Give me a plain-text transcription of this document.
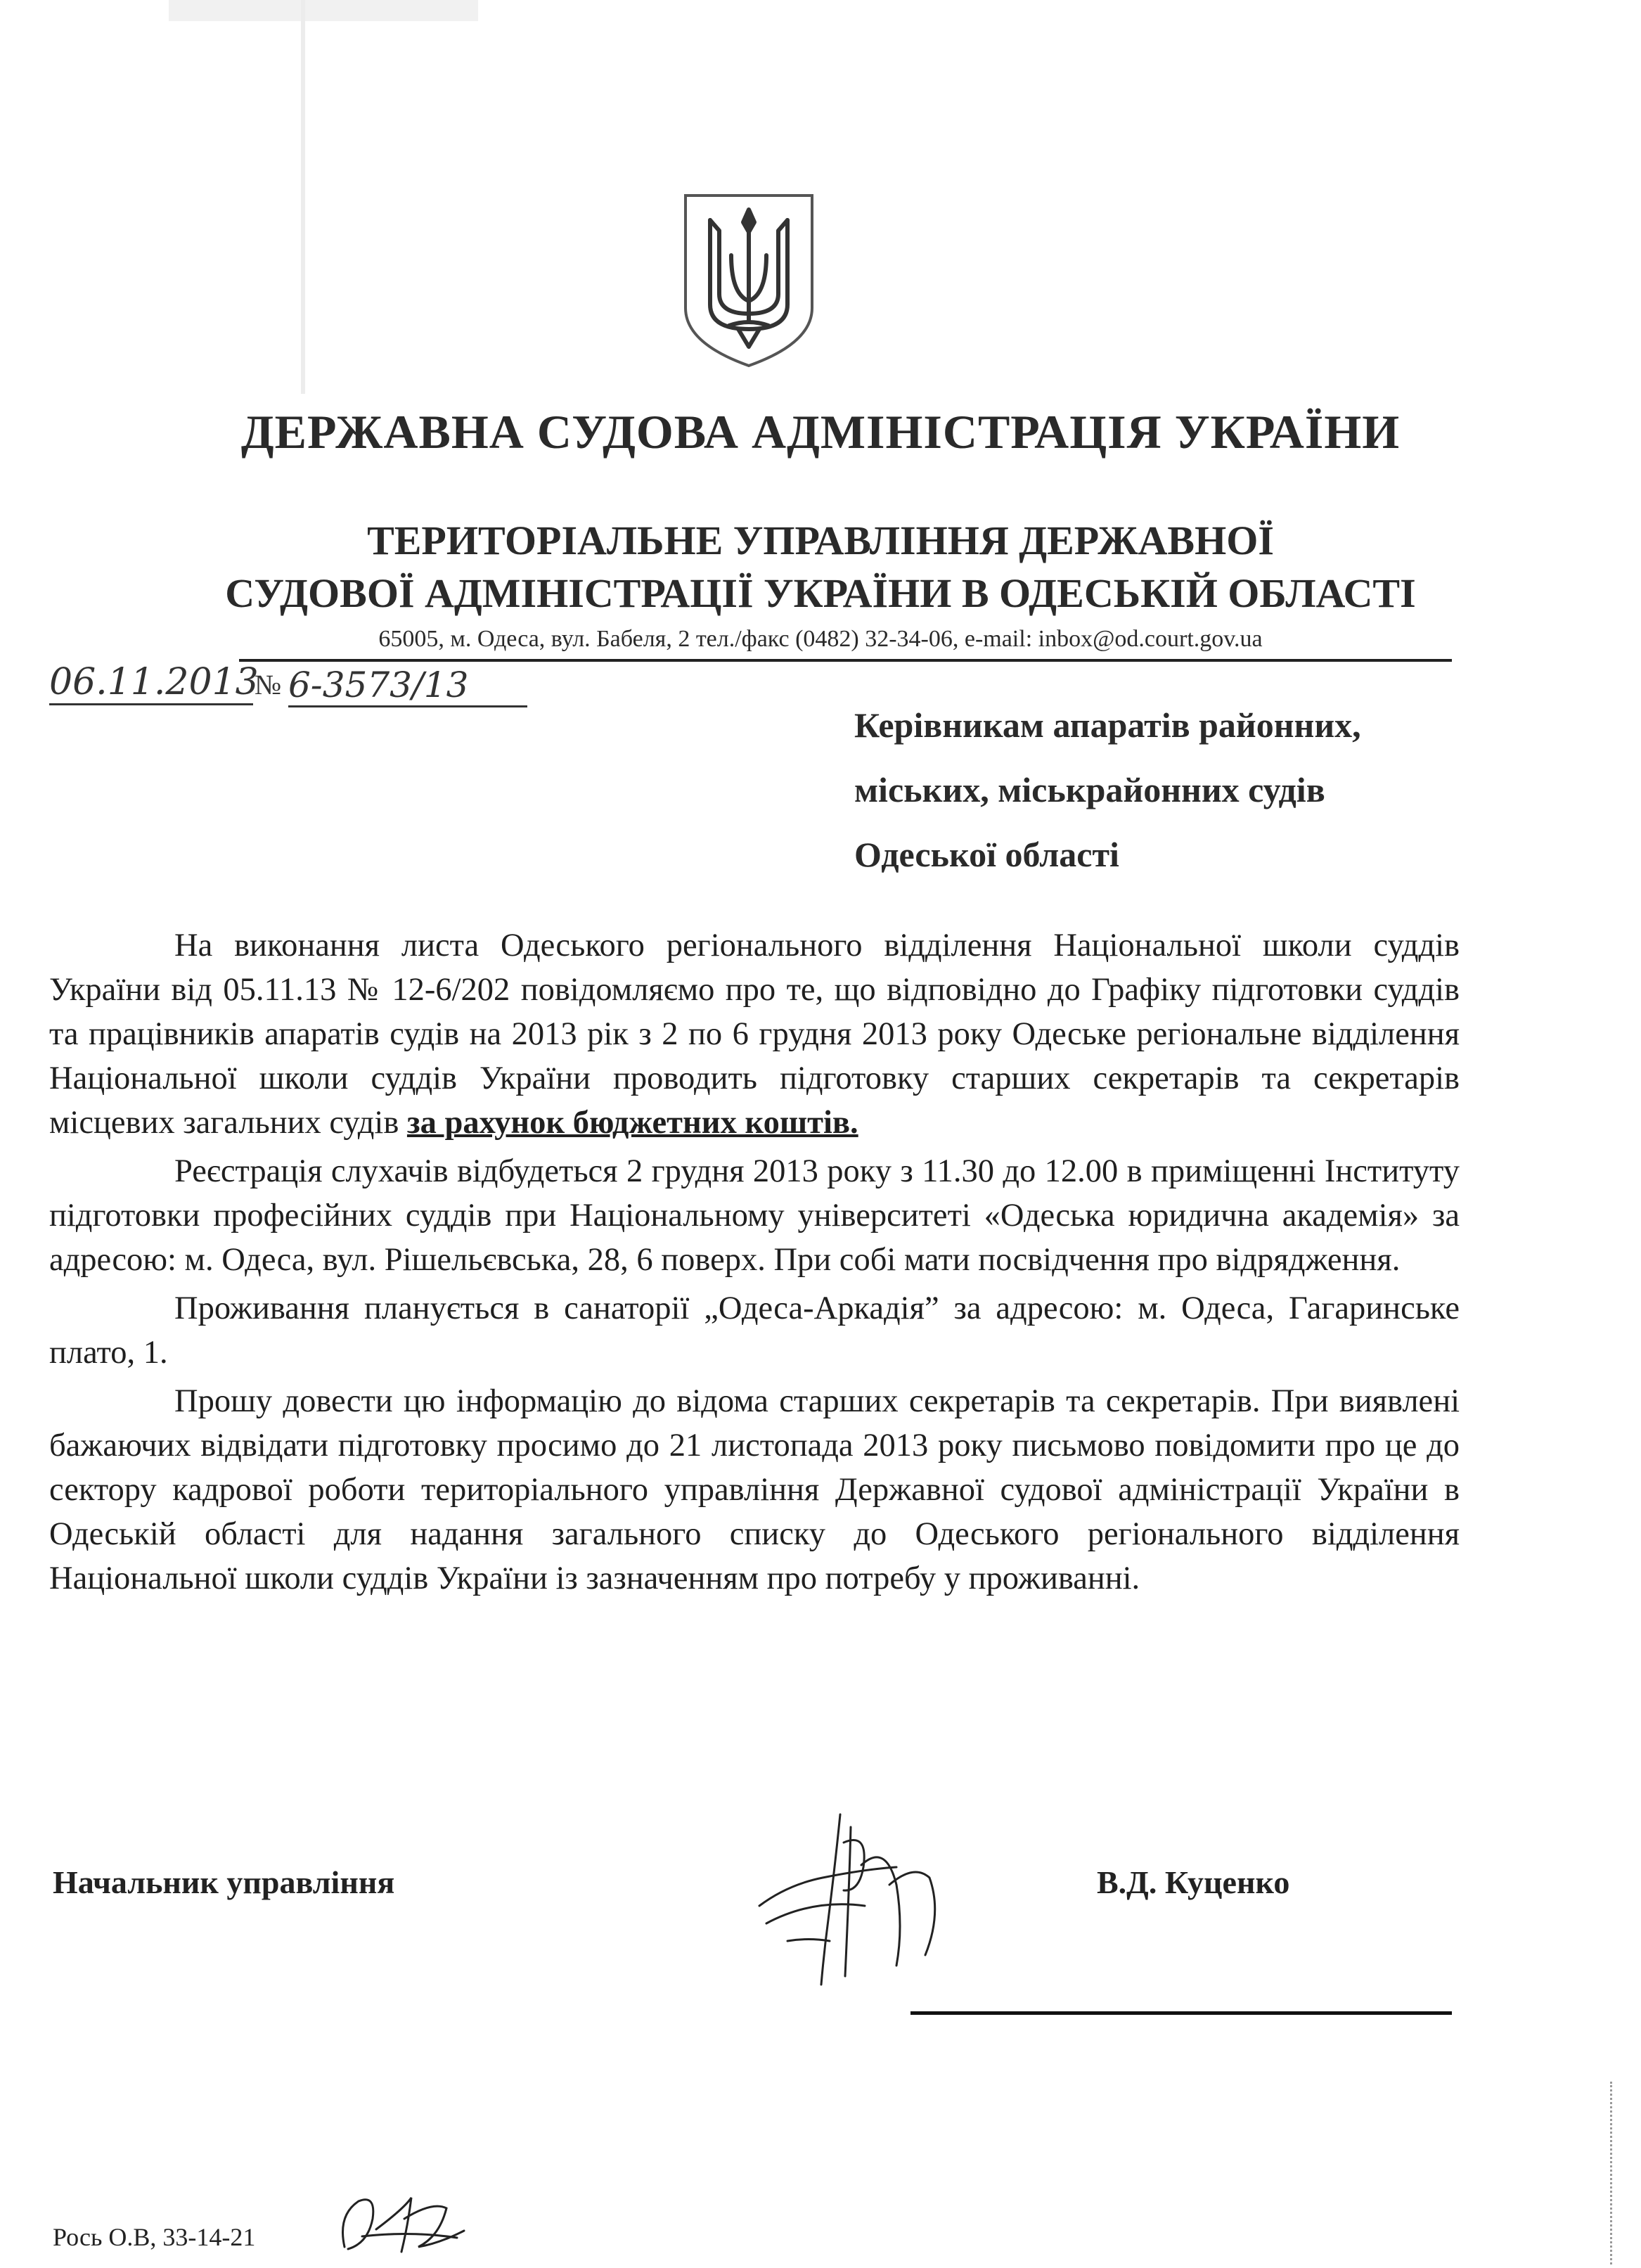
ДЕРЖАВНА СУДОВА АДМІНІСТРАЦІЯ УКРАЇНИ
ТЕРИТОРІАЛЬНЕ УПРАВЛІННЯ ДЕРЖАВНОЇ
СУДОВОЇ АДМІНІСТРАЦІЇ УКРАЇНИ В ОДЕСЬКІЙ ОБЛАСТІ
65005, м. Одеса, вул. Бабеля, 2 тел./факс (0482) 32-34-06, e-mail: inbox@od.court.gov.ua
06.11.2013
№ 6-3573/13
Керівникам апаратів районних,
міських, міськрайонних судів
Одеської області

На виконання листа Одеського регіонального відділення Національної школи суддів України від 05.11.13 № 12-6/202 повідомляємо про те, що відповідно до Графіку підготовки суддів та працівників апаратів судів на 2013 рік з 2 по 6 грудня 2013 року Одеське регіональне відділення Національної школи суддів України проводить підготовку старших секретарів та секретарів місцевих загальних судів за рахунок бюджетних коштів.

Реєстрація слухачів відбудеться 2 грудня 2013 року з 11.30 до 12.00 в приміщенні Інституту підготовки професійних суддів при Національному університеті «Одеська юридична академія» за адресою: м. Одеса, вул. Рішельєвська, 28, 6 поверх. При собі мати посвідчення про відрядження.

Проживання планується в санаторії „Одеса-Аркадія” за адресою: м. Одеса, Гагаринське плато, 1.

Прошу довести цю інформацію до відома старших секретарів та секретарів. При виявлені бажаючих відвідати підготовку просимо до 21 листопада 2013 року письмово повідомити про це до сектору кадрової роботи територіального управління Державної судової адміністрації України в Одеській області для надання загального списку до Одеського регіонального відділення Національної школи суддів України із зазначенням про потребу у проживанні.

Начальник управління	В.Д. Куценко
Рось О.В, 33-14-21
